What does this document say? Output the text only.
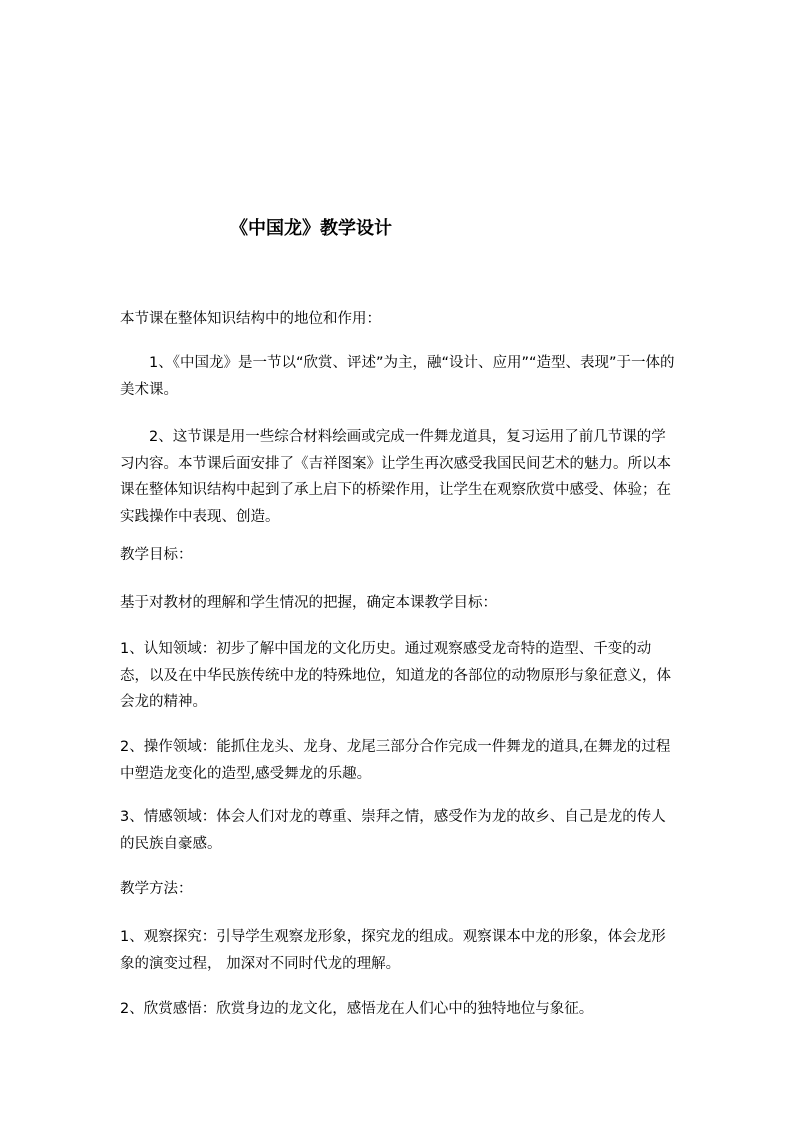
《中国龙》教学设计

本节课在整体知识结构中的地位和作用：

1、《中国龙》是一节以“欣赏、评述”为主，融“设计、应用”“造型、表现”于一体的美术课。

2、这节课是用一些综合材料绘画或完成一件舞龙道具，复习运用了前几节课的学习内容。本节课后面安排了《吉祥图案》让学生再次感受我国民间艺术的魅力。所以本课在整体知识结构中起到了承上启下的桥梁作用，让学生在观察欣赏中感受、体验；在实践操作中表现、创造。

教学目标：

基于对教材的理解和学生情况的把握，确定本课教学目标：

1、认知领域：初步了解中国龙的文化历史。通过观察感受龙奇特的造型、千变的动态，以及在中华民族传统中龙的特殊地位，知道龙的各部位的动物原形与象征意义，体会龙的精神。

2、操作领域：能抓住龙头、龙身、龙尾三部分合作完成一件舞龙的道具,在舞龙的过程中塑造龙变化的造型,感受舞龙的乐趣。

3、情感领域：体会人们对龙的尊重、崇拜之情，感受作为龙的故乡、自己是龙的传人的民族自豪感。

教学方法：

1、观察探究：引导学生观察龙形象，探究龙的组成。观察课本中龙的形象，体会龙形象的演变过程， 加深对不同时代龙的理解。

2、欣赏感悟：欣赏身边的龙文化，感悟龙在人们心中的独特地位与象征。
